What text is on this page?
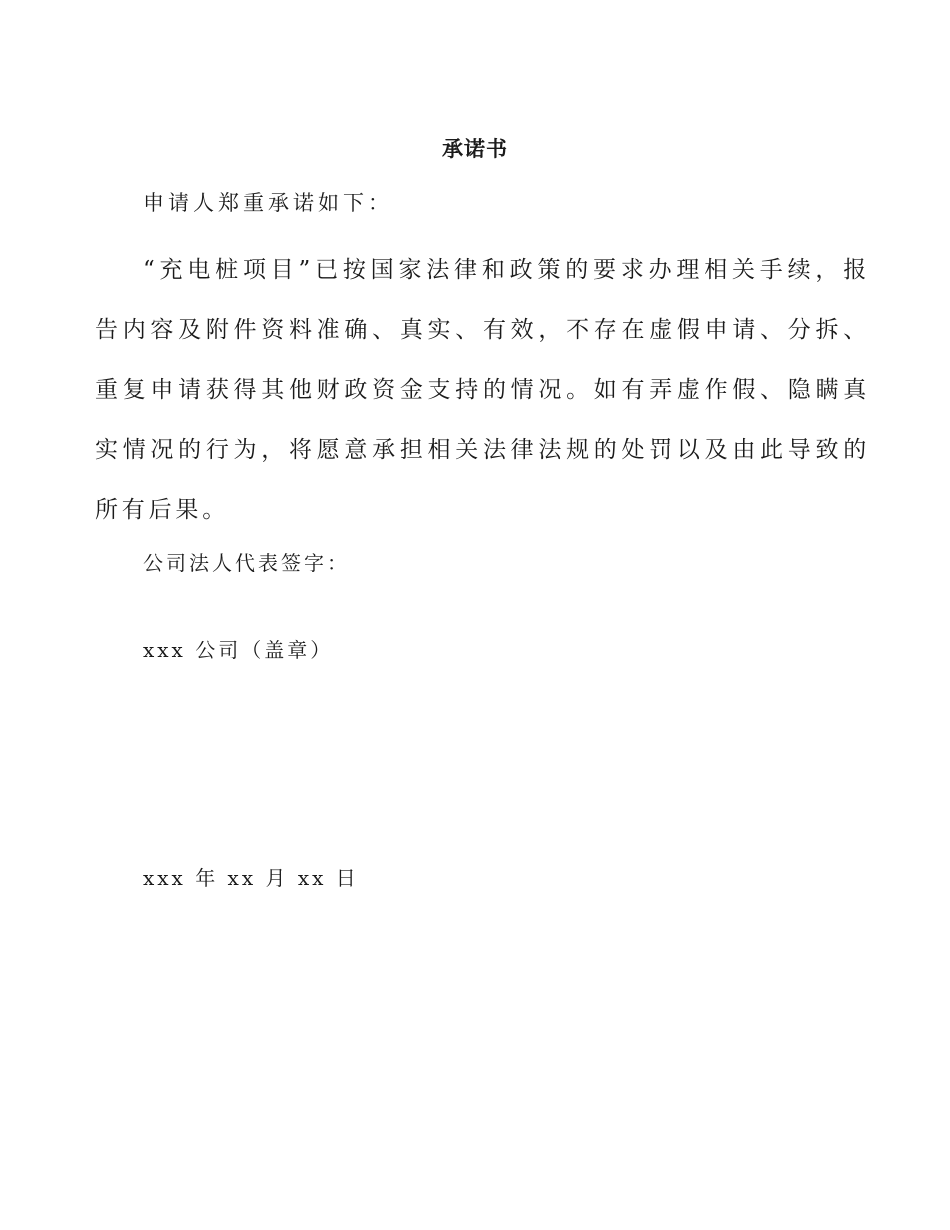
承诺书
申请人郑重承诺如下：

“充电桩项目”已按国家法律和政策的要求办理相关手续，报告内容及附件资料准确、真实、有效，不存在虚假申请、分拆、重复申请获得其他财政资金支持的情况。如有弄虚作假、隐瞒真实情况的行为，将愿意承担相关法律法规的处罚以及由此导致的所有后果。

公司法人代表签字：
xxx 公司（盖章）
xxx 年 xx 月 xx 日
